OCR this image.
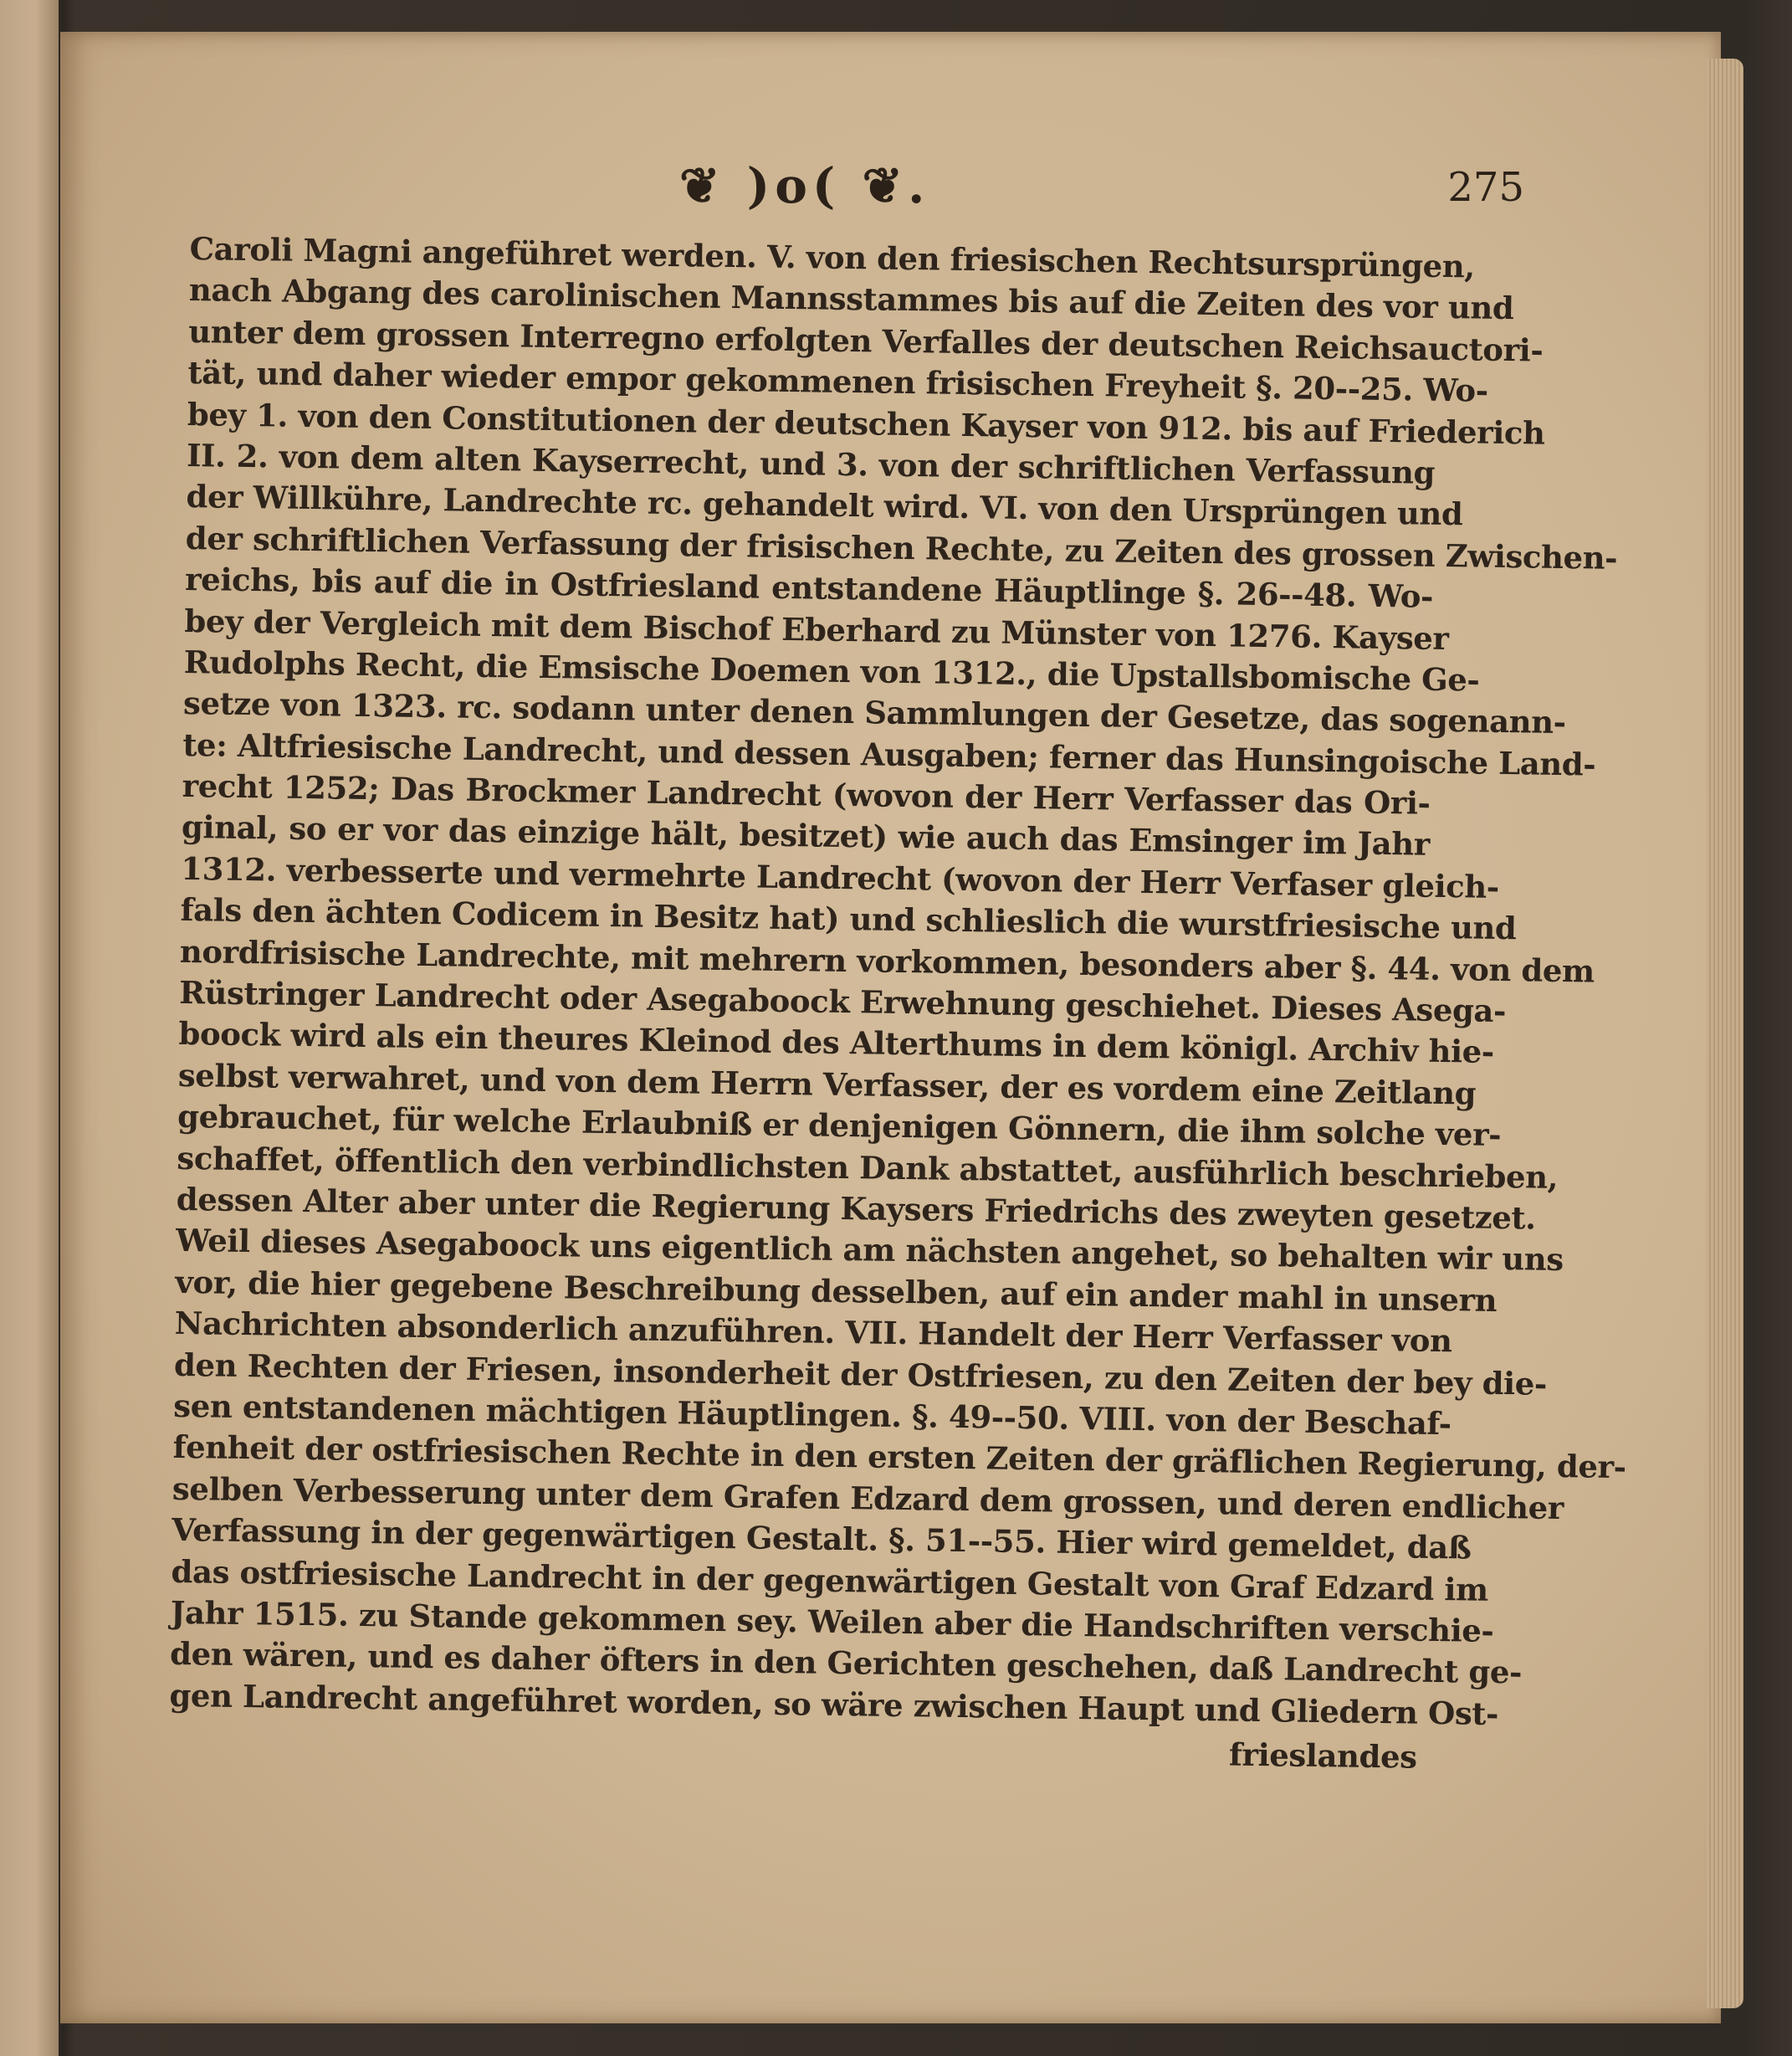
❦ )o( ❦.	275
Caroli Magni angeführet werden. V. von den friesischen Rechtsursprüngen,
nach Abgang des carolinischen Mannsstammes bis auf die Zeiten des vor und
unter dem grossen Interregno erfolgten Verfalles der deutschen Reichsauctori-
tät, und daher wieder empor gekommenen frisischen Freyheit §. 20--25. Wo-
bey 1. von den Constitutionen der deutschen Kayser von 912. bis auf Friederich
II. 2. von dem alten Kayserrecht, und 3. von der schriftlichen Verfassung
der Willkühre, Landrechte rc. gehandelt wird. VI. von den Ursprüngen und
der schriftlichen Verfassung der frisischen Rechte, zu Zeiten des grossen Zwischen-
reichs, bis auf die in Ostfriesland entstandene Häuptlinge §. 26--48. Wo-
bey der Vergleich mit dem Bischof Eberhard zu Münster von 1276. Kayser
Rudolphs Recht, die Emsische Doemen von 1312., die Upstallsbomische Ge-
setze von 1323. rc. sodann unter denen Sammlungen der Gesetze, das sogenann-
te: Altfriesische Landrecht, und dessen Ausgaben; ferner das Hunsingoische Land-
recht 1252; Das Brockmer Landrecht (wovon der Herr Verfasser das Ori-
ginal, so er vor das einzige hält, besitzet) wie auch das Emsinger im Jahr
1312. verbesserte und vermehrte Landrecht (wovon der Herr Verfaser gleich-
fals den ächten Codicem in Besitz hat) und schlieslich die wurstfriesische und
nordfrisische Landrechte, mit mehrern vorkommen, besonders aber §. 44. von dem
Rüstringer Landrecht oder Asegaboock Erwehnung geschiehet. Dieses Asega-
boock wird als ein theures Kleinod des Alterthums in dem königl. Archiv hie-
selbst verwahret, und von dem Herrn Verfasser, der es vordem eine Zeitlang
gebrauchet, für welche Erlaubniß er denjenigen Gönnern, die ihm solche ver-
schaffet, öffentlich den verbindlichsten Dank abstattet, ausführlich beschrieben,
dessen Alter aber unter die Regierung Kaysers Friedrichs des zweyten gesetzet.
Weil dieses Asegaboock uns eigentlich am nächsten angehet, so behalten wir uns
vor, die hier gegebene Beschreibung desselben, auf ein ander mahl in unsern
Nachrichten absonderlich anzuführen. VII. Handelt der Herr Verfasser von
den Rechten der Friesen, insonderheit der Ostfriesen, zu den Zeiten der bey die-
sen entstandenen mächtigen Häuptlingen. §. 49--50. VIII. von der Beschaf-
fenheit der ostfriesischen Rechte in den ersten Zeiten der gräflichen Regierung, der-
selben Verbesserung unter dem Grafen Edzard dem grossen, und deren endlicher
Verfassung in der gegenwärtigen Gestalt. §. 51--55. Hier wird gemeldet, daß
das ostfriesische Landrecht in der gegenwärtigen Gestalt von Graf Edzard im
Jahr 1515. zu Stande gekommen sey. Weilen aber die Handschriften verschie-
den wären, und es daher öfters in den Gerichten geschehen, daß Landrecht ge-
gen Landrecht angeführet worden, so wäre zwischen Haupt und Gliedern Ost-
frieslandes
